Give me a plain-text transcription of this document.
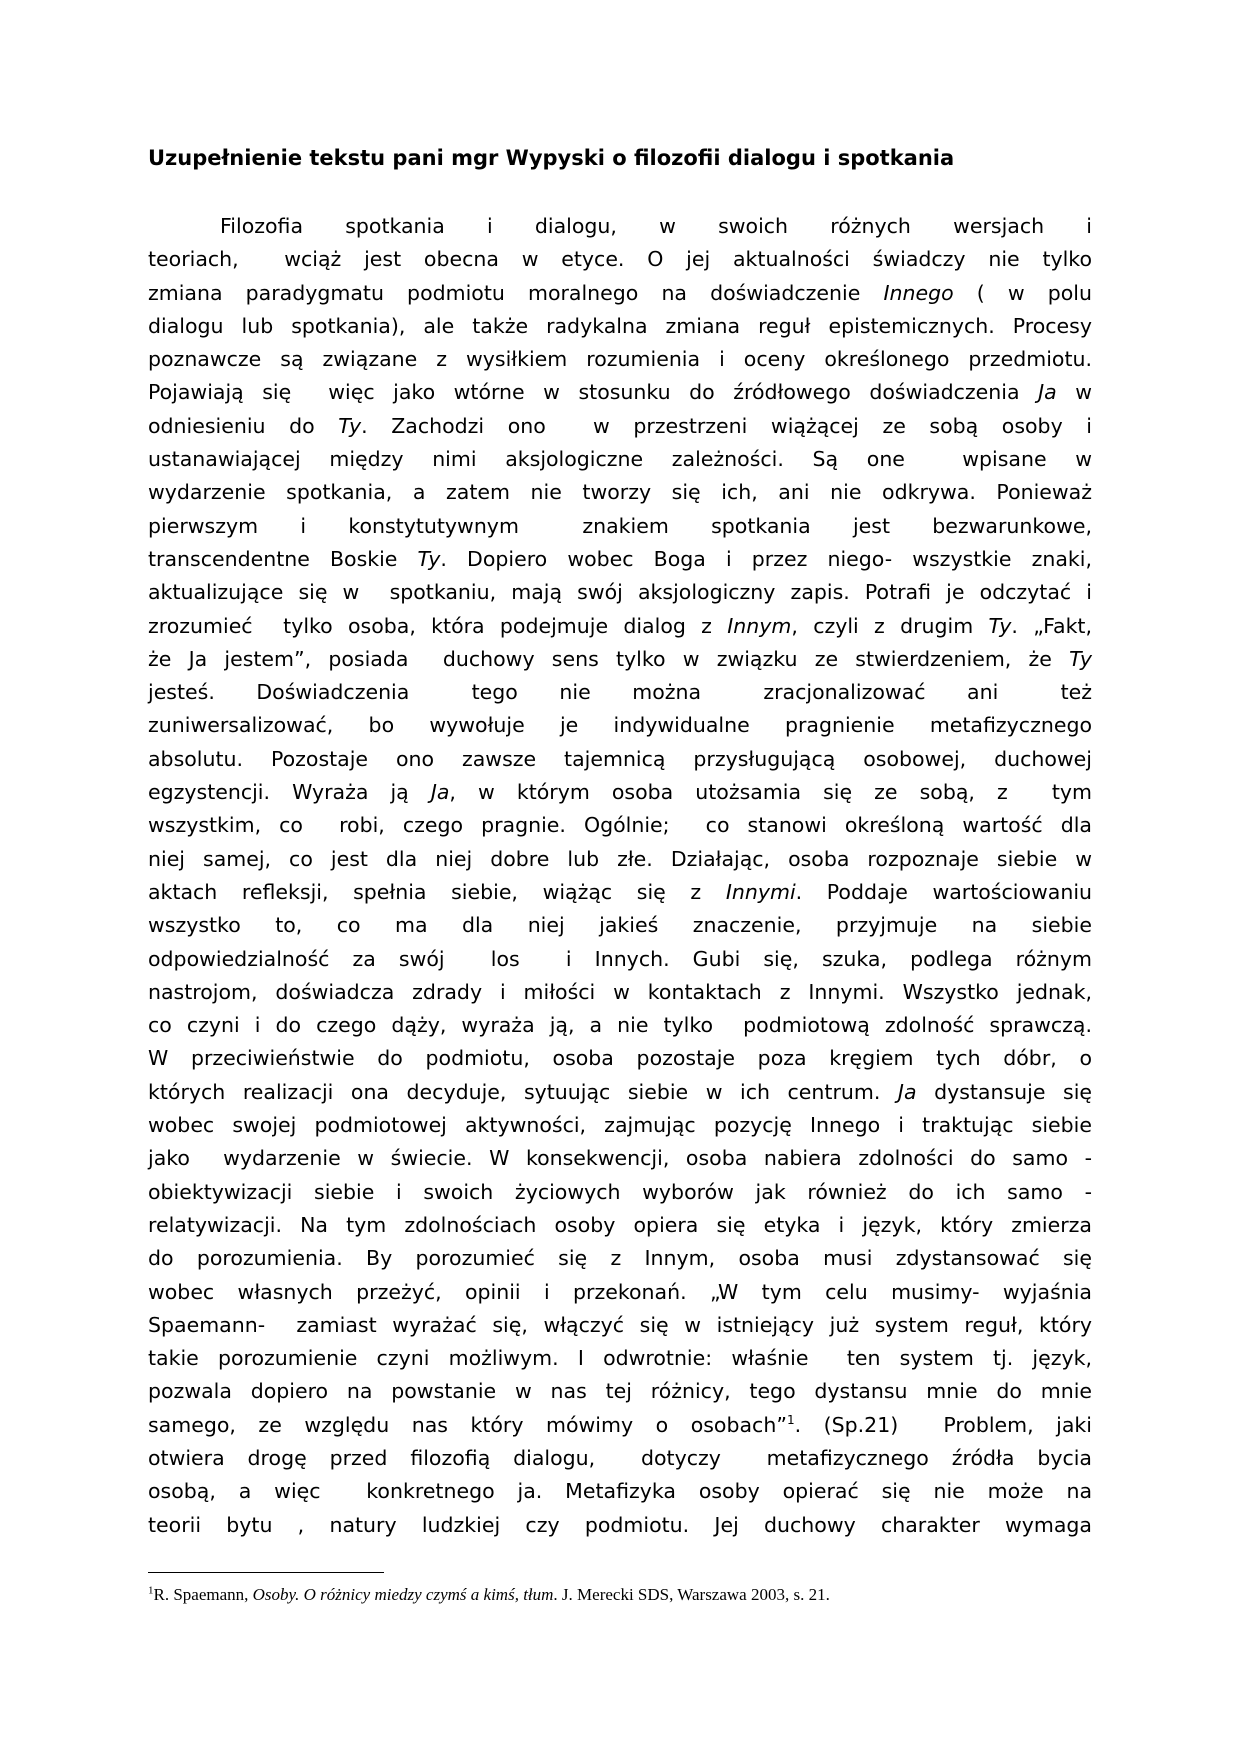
Uzupełnienie tekstu pani mgr Wypyski o filozofii dialogu i spotkania
Filozofia  spotkania  i  dialogu,  w  swoich  różnych  wersjach  i
teoriach,  wciąż jest obecna w etyce. O jej aktualności świadczy nie tylko
zmiana paradygmatu podmiotu moralnego na doświadczenie Innego ( w polu
dialogu lub spotkania), ale także radykalna zmiana reguł epistemicznych. Procesy
poznawcze są związane z wysiłkiem rozumienia i oceny określonego przedmiotu.
Pojawiają się  więc jako wtórne w stosunku do źródłowego doświadczenia Ja w
odniesieniu do Ty. Zachodzi ono  w przestrzeni wiążącej ze sobą osoby i
ustanawiającej między nimi aksjologiczne zależności. Są one  wpisane w
wydarzenie spotkania, a zatem nie tworzy się ich, ani nie odkrywa. Ponieważ
pierwszym  i  konstytutywnym   znakiem  spotkania  jest  bezwarunkowe,
transcendentne Boskie Ty. Dopiero wobec Boga i przez niego- wszystkie znaki,
aktualizujące się w  spotkaniu, mają swój aksjologiczny zapis. Potrafi je odczytać i
zrozumieć  tylko osoba, która podejmuje dialog z Innym, czyli z drugim Ty. „Fakt,
że Ja jestem”, posiada  duchowy sens tylko w związku ze stwierdzeniem, że Ty
jesteś.  Doświadczenia   tego  nie  można   zracjonalizować  ani   też
zuniwersalizować,  bo  wywołuje  je  indywidualne  pragnienie  metafizycznego
absolutu. Pozostaje ono zawsze tajemnicą przysługującą osobowej, duchowej
egzystencji. Wyraża ją Ja, w którym osoba utożsamia się ze sobą, z  tym
wszystkim, co  robi, czego pragnie. Ogólnie;  co stanowi określoną wartość dla
niej samej, co jest dla niej dobre lub złe. Działając, osoba rozpoznaje siebie w
aktach refleksji, spełnia siebie, wiążąc się z Innymi. Poddaje wartościowaniu
wszystko  to,  co  ma  dla  niej  jakieś  znaczenie,  przyjmuje  na  siebie
odpowiedzialność za swój  los  i Innych. Gubi się, szuka, podlega różnym
nastrojom, doświadcza zdrady i miłości w kontaktach z Innymi. Wszystko jednak,
co czyni i do czego dąży, wyraża ją, a nie tylko  podmiotową zdolność sprawczą.
W przeciwieństwie do podmiotu, osoba pozostaje poza kręgiem tych dóbr, o
których realizacji ona decyduje, sytuując siebie w ich centrum. Ja dystansuje się
wobec swojej podmiotowej aktywności, zajmując pozycję Innego i traktując siebie
jako  wydarzenie w świecie. W konsekwencji, osoba nabiera zdolności do samo -
obiektywizacji siebie i swoich życiowych wyborów jak również do ich samo -
relatywizacji. Na tym zdolnościach osoby opiera się etyka i język, który zmierza
do porozumienia. By porozumieć się z Innym, osoba musi zdystansować się
wobec własnych przeżyć, opinii i przekonań. „W tym celu musimy- wyjaśnia
Spaemann-  zamiast wyrażać się, włączyć się w istniejący już system reguł, który
takie porozumienie czyni możliwym. I odwrotnie: właśnie  ten system tj. język,
pozwala dopiero na powstanie w nas tej różnicy, tego dystansu mnie do mnie
samego, ze względu nas który mówimy o osobach”$^1$. (Sp.21)  Problem, jaki
otwiera drogę przed filozofią dialogu,  dotyczy  metafizycznego źródła bycia
osobą, a więc  konkretnego ja. Metafizyka osoby opierać się nie może na
teorii bytu , natury ludzkiej czy podmiotu. Jej duchowy charakter wymaga
$^1$R. Spaemann, Osoby. O różnicy miedzy czymś a kimś, tłum. J. Merecki SDS, Warszawa 2003, s. 21.
